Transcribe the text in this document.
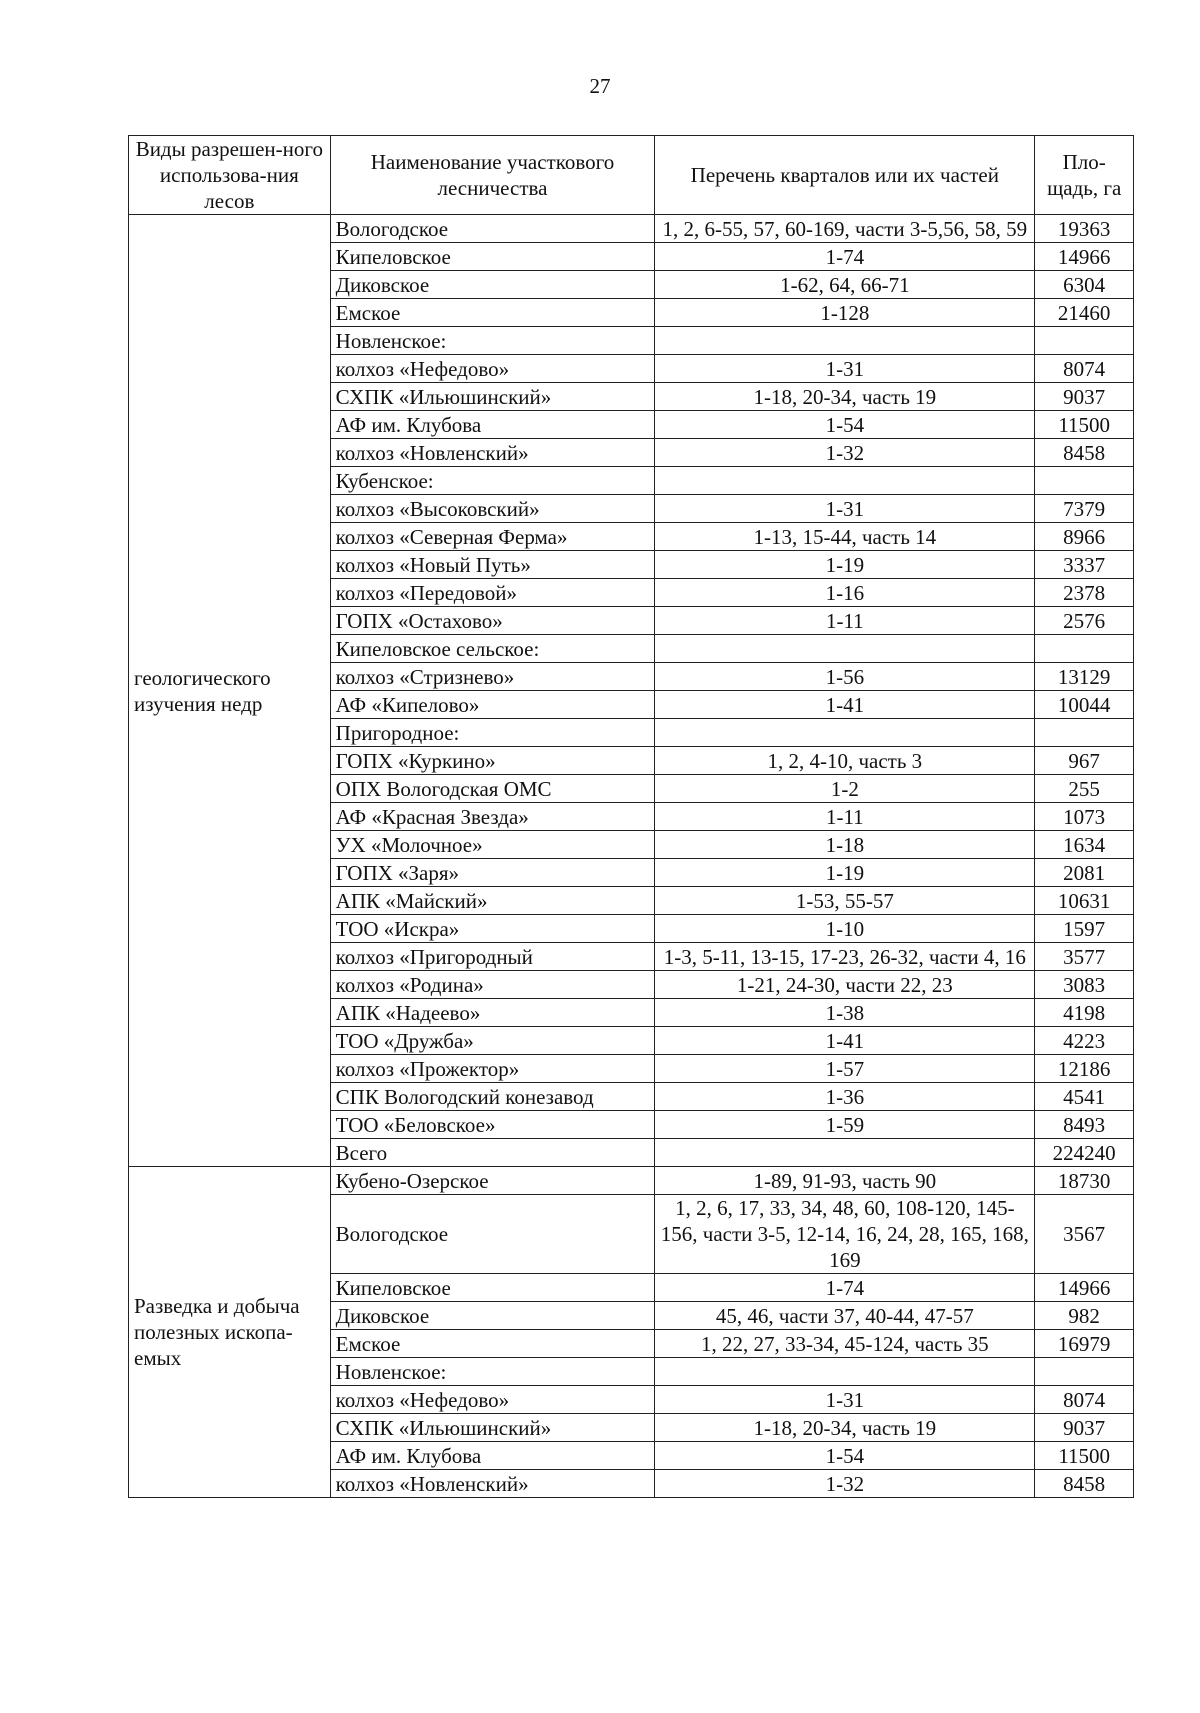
27
Виды разрешен-ного использова-ния лесов	Наименование участкового лесничества	Перечень кварталов или их частей	Пло-щадь, га
геологического изучения недр	Вологодское	1, 2, 6-55, 57, 60-169, части 3-5,56, 58, 59	19363
	Кипеловское	1-74	14966
	Диковское	1-62, 64, 66-71	6304
	Емское	1-128	21460
	Новленское:		
	колхоз «Нефедово»	1-31	8074
	СХПК «Ильюшинский»	1-18, 20-34, часть 19	9037
	АФ им. Клубова	1-54	11500
	колхоз «Новленский»	1-32	8458
	Кубенское:		
	колхоз «Высоковский»	1-31	7379
	колхоз «Северная Ферма»	1-13, 15-44, часть 14	8966
	колхоз «Новый Путь»	1-19	3337
	колхоз «Передовой»	1-16	2378
	ГОПХ «Остахово»	1-11	2576
	Кипеловское сельское:		
	колхоз «Стризнево»	1-56	13129
	АФ «Кипелово»	1-41	10044
	Пригородное:		
	ГОПХ «Куркино»	1, 2, 4-10, часть 3	967
	ОПХ Вологодская ОМС	1-2	255
	АФ «Красная Звезда»	1-11	1073
	УХ «Молочное»	1-18	1634
	ГОПХ «Заря»	1-19	2081
	АПК «Майский»	1-53, 55-57	10631
	ТОО «Искра»	1-10	1597
	колхоз «Пригородный	1-3, 5-11, 13-15, 17-23, 26-32, части 4, 16	3577
	колхоз «Родина»	1-21, 24-30, части 22, 23	3083
	АПК «Надеево»	1-38	4198
	ТОО «Дружба»	1-41	4223
	колхоз «Прожектор»	1-57	12186
	СПК Вологодский конезавод	1-36	4541
	ТОО «Беловское»	1-59	8493
	Всего		224240
Разведка и добыча полезных ископа-емых	Кубено-Озерское	1-89, 91-93, часть 90	18730
	Вологодское	1, 2, 6, 17, 33, 34, 48, 60, 108-120, 145-156, части 3-5, 12-14, 16, 24, 28, 165, 168, 169	3567
	Кипеловское	1-74	14966
	Диковское	45, 46, части 37, 40-44, 47-57	982
	Емское	1, 22, 27, 33-34, 45-124, часть 35	16979
	Новленское:		
	колхоз «Нефедово»	1-31	8074
	СХПК «Ильюшинский»	1-18, 20-34, часть 19	9037
	АФ им. Клубова	1-54	11500
	колхоз «Новленский»	1-32	8458
